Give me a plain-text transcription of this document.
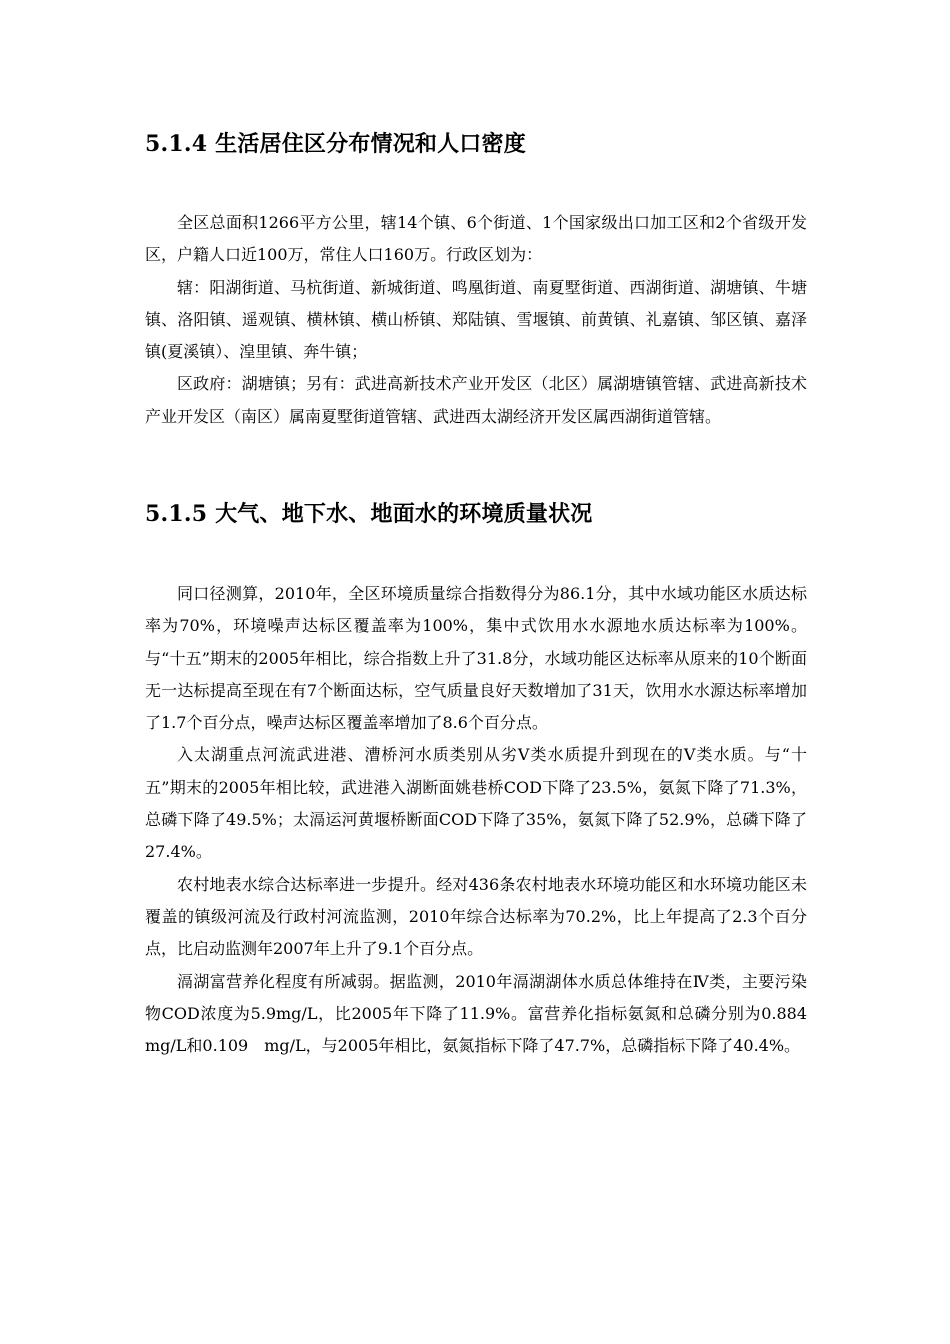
5.1.4 生活居住区分布情况和人口密度

全区总面积1266平方公里，辖14个镇、6个街道、1个国家级出口加工区和2个省级开发区，户籍人口近100万，常住人口160万。行政区划为：

辖：阳湖街道、马杭街道、新城街道、鸣凰街道、南夏墅街道、西湖街道、湖塘镇、牛塘镇、洛阳镇、遥观镇、横林镇、横山桥镇、郑陆镇、雪堰镇、前黄镇、礼嘉镇、邹区镇、嘉泽镇(夏溪镇）、湟里镇、奔牛镇；

区政府：湖塘镇；另有：武进高新技术产业开发区（北区）属湖塘镇管辖、武进高新技术产业开发区（南区）属南夏墅街道管辖、武进西太湖经济开发区属西湖街道管辖。

5.1.5 大气、地下水、地面水的环境质量状况

同口径测算，2010年，全区环境质量综合指数得分为86.1分，其中水域功能区水质达标率为70%，环境噪声达标区覆盖率为100%，集中式饮用水水源地水质达标率为100%。与“十五”期末的2005年相比，综合指数上升了31.8分，水域功能区达标率从原来的10个断面无一达标提高至现在有7个断面达标，空气质量良好天数增加了31天，饮用水水源达标率增加了1.7个百分点，噪声达标区覆盖率增加了8.6个百分点。

入太湖重点河流武进港、漕桥河水质类别从劣Ⅴ类水质提升到现在的Ⅴ类水质。与“十五”期末的2005年相比较，武进港入湖断面姚巷桥COD下降了23.5%，氨氮下降了71.3%，总磷下降了49.5%；太滆运河黄堰桥断面COD下降了35%，氨氮下降了52.9%，总磷下降了27.4%。

农村地表水综合达标率进一步提升。经对436条农村地表水环境功能区和水环境功能区未覆盖的镇级河流及行政村河流监测，2010年综合达标率为70.2%，比上年提高了2.3个百分点，比启动监测年2007年上升了9.1个百分点。

滆湖富营养化程度有所减弱。据监测，2010年滆湖湖体水质总体维持在Ⅳ类，主要污染物COD浓度为5.9mg/L，比2005年下降了11.9%。富营养化指标氨氮和总磷分别为0.884　mg/L和0.109　mg/L，与2005年相比，氨氮指标下降了47.7%，总磷指标下降了40.4%。
